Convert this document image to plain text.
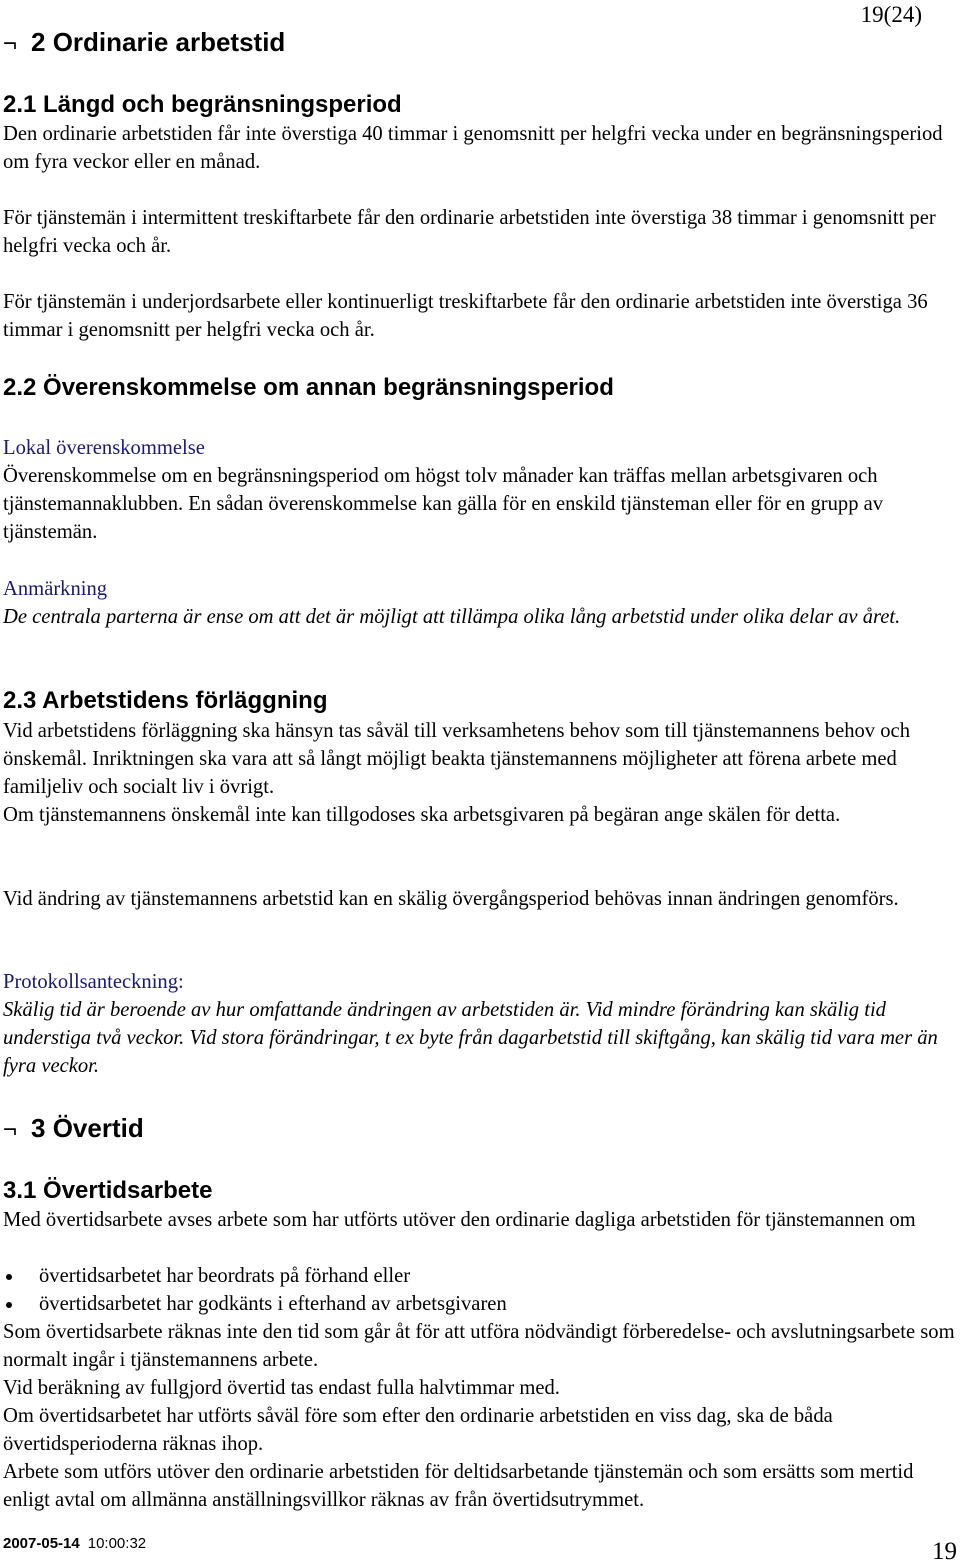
19(24)
¬ 2 Ordinarie arbetstid
2.1 Längd och begränsningsperiod
Den ordinarie arbetstiden får inte överstiga 40 timmar i genomsnitt per helgfri vecka under en begränsningsperiod om fyra veckor eller en månad.
För tjänstemän i intermittent treskiftarbete får den ordinarie arbetstiden inte överstiga 38 timmar i genomsnitt per helgfri vecka och år.
För tjänstemän i underjordsarbete eller kontinuerligt treskiftarbete får den ordinarie arbetstiden inte överstiga 36 timmar i genomsnitt per helgfri vecka och år.
2.2 Överenskommelse om annan begränsningsperiod
Lokal överenskommelse
Överenskommelse om en begränsningsperiod om högst tolv månader kan träffas mellan arbetsgivaren och tjänstemannaklubben. En sådan överenskommelse kan gälla för en enskild tjänsteman eller för en grupp av tjänstemän.
Anmärkning
De centrala parterna är ense om att det är möjligt att tillämpa olika lång arbetstid under olika delar av året.
2.3 Arbetstidens förläggning
Vid arbetstidens förläggning ska hänsyn tas såväl till verksamhetens behov som till tjänstemannens behov och önskemål. Inriktningen ska vara att så långt möjligt beakta tjänstemannens möjligheter att förena arbete med familjeliv och socialt liv i övrigt.
Om tjänstemannens önskemål inte kan tillgodoses ska arbetsgivaren på begäran ange skälen för detta.
Vid ändring av tjänstemannens arbetstid kan en skälig övergångsperiod behövas innan ändringen genomförs.
Protokollsanteckning:
Skälig tid är beroende av hur omfattande ändringen av arbetstiden är. Vid mindre förändring kan skälig tid understiga två veckor. Vid stora förändringar, t ex byte från dagarbetstid till skiftgång, kan skälig tid vara mer än fyra veckor.
¬ 3 Övertid
3.1 Övertidsarbete
Med övertidsarbete avses arbete som har utförts utöver den ordinarie dagliga arbetstiden för tjänstemannen om
övertidsarbetet har beordrats på förhand eller
övertidsarbetet har godkänts i efterhand av arbetsgivaren
Som övertidsarbete räknas inte den tid som går åt för att utföra nödvändigt förberedelse- och avslutningsarbete som normalt ingår i tjänstemannens arbete.
Vid beräkning av fullgjord övertid tas endast fulla halvtimmar med.
Om övertidsarbetet har utförts såväl före som efter den ordinarie arbetstiden en viss dag, ska de båda övertidsperioderna räknas ihop.
Arbete som utförs utöver den ordinarie arbetstiden för deltidsarbetande tjänstemän och som ersätts som mertid enligt avtal om allmänna anställningsvillkor räknas av från övertidsutrymmet.
2007-05-14 10:00:32	19
